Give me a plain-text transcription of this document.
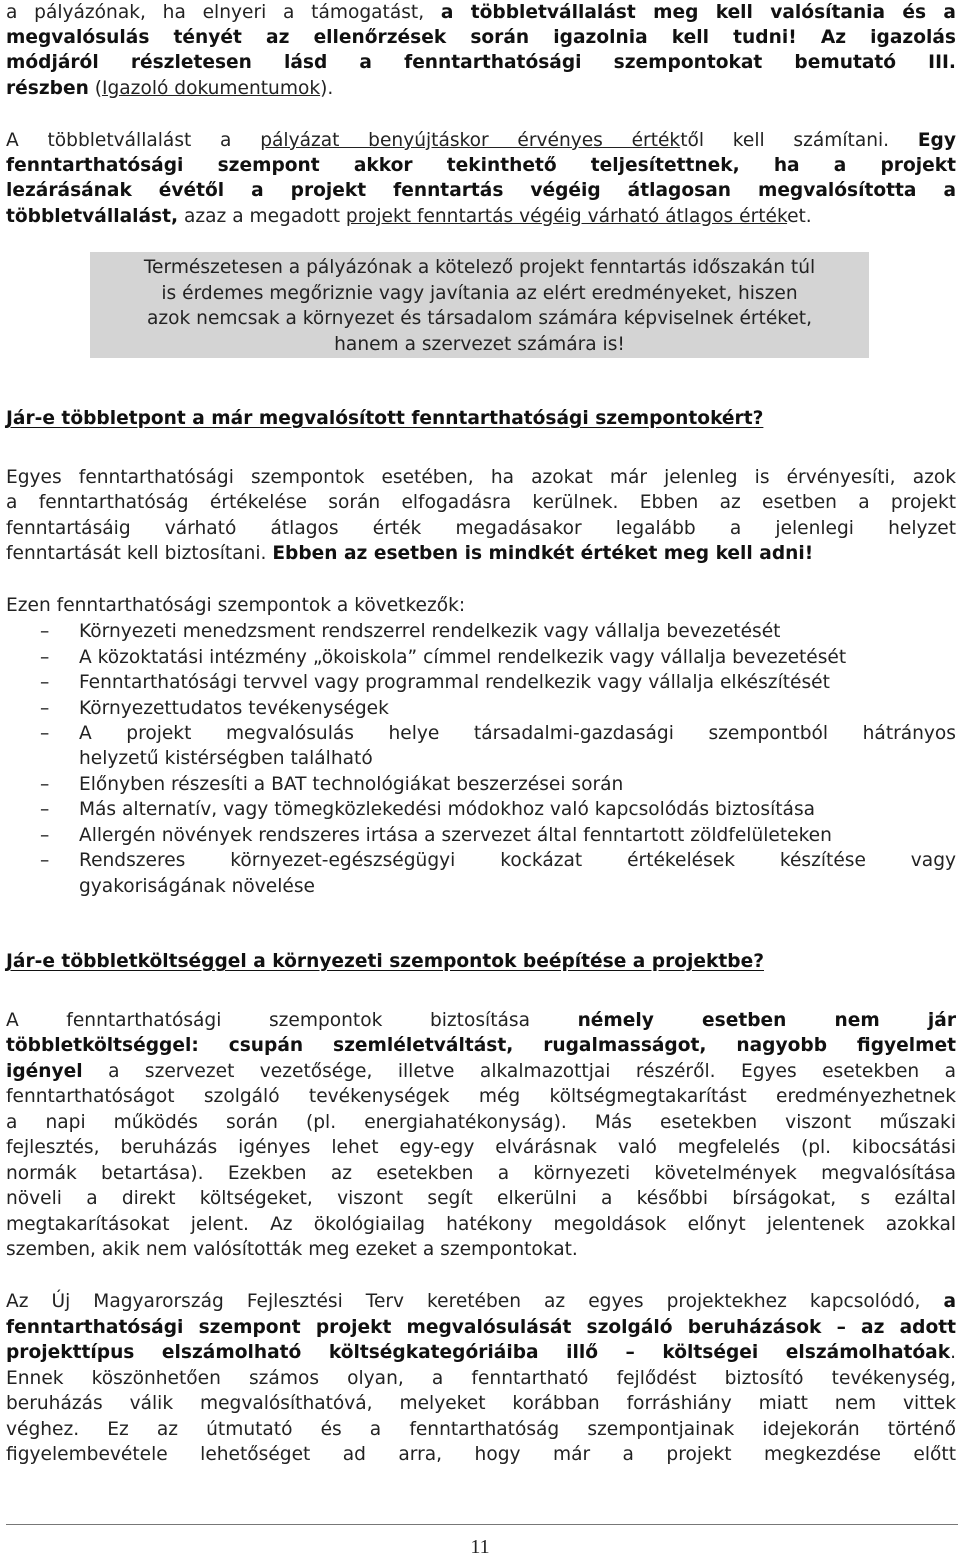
a pályázónak, ha elnyeri a támogatást, a többletvállalást meg kell valósítania és a
megvalósulás tényét az ellenőrzések során igazolnia kell tudni! Az igazolás
módjáról részletesen lásd a fenntarthatósági szempontokat bemutató III.
részben (Igazoló dokumentumok).
A többletvállalást a pályázat benyújtáskor érvényes értéktől kell számítani. Egy
fenntarthatósági szempont akkor tekinthető teljesítettnek, ha a projekt
lezárásának évétől a projekt fenntartás végéig átlagosan megvalósította a
többletvállalást, azaz a megadott projekt fenntartás végéig várható átlagos értéket.
Természetesen a pályázónak a kötelező projekt fenntartás időszakán túl
is érdemes megőriznie vagy javítania az elért eredményeket, hiszen
azok nemcsak a környezet és társadalom számára képviselnek értéket,
hanem a szervezet számára is!
Jár-e többletpont a már megvalósított fenntarthatósági szempontokért?
Egyes fenntarthatósági szempontok esetében, ha azokat már jelenleg is érvényesíti, azok
a fenntarthatóság értékelése során elfogadásra kerülnek. Ebben az esetben a projekt
fenntartásáig várható átlagos érték megadásakor legalább a jelenlegi helyzet
fenntartását kell biztosítani. Ebben az esetben is mindkét értéket meg kell adni!
Ezen fenntarthatósági szempontok a következők:
– Környezeti menedzsment rendszerrel rendelkezik vagy vállalja bevezetését
– A közoktatási intézmény „ökoiskola” címmel rendelkezik vagy vállalja bevezetését
– Fenntarthatósági tervvel vagy programmal rendelkezik vagy vállalja elkészítését
– Környezettudatos tevékenységek
– A projekt megvalósulás helye társadalmi-gazdasági szempontból hátrányos
helyzetű kistérségben található
– Előnyben részesíti a BAT technológiákat beszerzései során
– Más alternatív, vagy tömegközlekedési módokhoz való kapcsolódás biztosítása
– Allergén növények rendszeres irtása a szervezet által fenntartott zöldfelületeken
– Rendszeres környezet-egészségügyi kockázat értékelések készítése vagy
gyakoriságának növelése
Jár-e többletköltséggel a környezeti szempontok beépítése a projektbe?
A fenntarthatósági szempontok biztosítása némely esetben nem jár
többletköltséggel: csupán szemléletváltást, rugalmasságot, nagyobb figyelmet
igényel a szervezet vezetősége, illetve alkalmazottjai részéről. Egyes esetekben a
fenntarthatóságot szolgáló tevékenységek még költségmegtakarítást eredményezhetnek
a napi működés során (pl. energiahatékonyság). Más esetekben viszont műszaki
fejlesztés, beruházás igényes lehet egy-egy elvárásnak való megfelelés (pl. kibocsátási
normák betartása). Ezekben az esetekben a környezeti követelmények megvalósítása
növeli a direkt költségeket, viszont segít elkerülni a későbbi bírságokat, s ezáltal
megtakarításokat jelent. Az ökológiailag hatékony megoldások előnyt jelentenek azokkal
szemben, akik nem valósították meg ezeket a szempontokat.
Az Új Magyarország Fejlesztési Terv keretében az egyes projektekhez kapcsolódó, a
fenntarthatósági szempont projekt megvalósulását szolgáló beruházások – az adott
projekttípus elszámolható költségkategóriáiba illő – költségei elszámolhatóak.
Ennek köszönhetően számos olyan, a fenntartható fejlődést biztosító tevékenység,
beruházás válik megvalósíthatóvá, melyeket korábban forráshiány miatt nem vittek
véghez. Ez az útmutató és a fenntarthatóság szempontjainak idejekorán történő
figyelembevétele lehetőséget ad arra, hogy már a projekt megkezdése előtt
11
